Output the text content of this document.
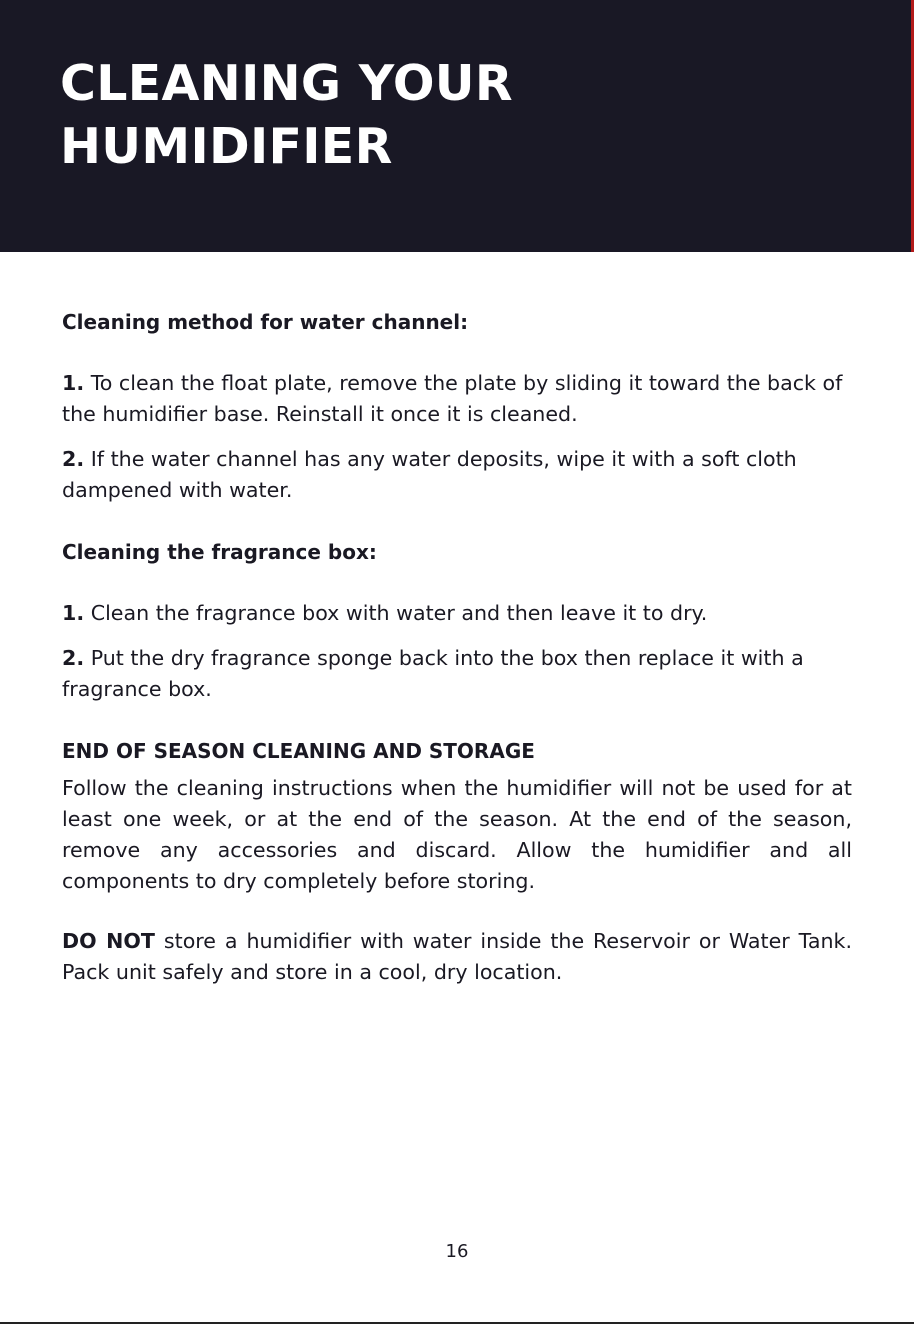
CLEANING YOUR
HUMIDIFIER
Cleaning method for water channel:

1. To clean the float plate, remove the plate by sliding it toward the back of the humidifier base. Reinstall it once it is cleaned.

2. If the water channel has any water deposits, wipe it with a soft cloth dampened with water.

Cleaning the fragrance box:

1. Clean the fragrance box with water and then leave it to dry.

2. Put the dry fragrance sponge back into the box then replace it with a fragrance box.

END OF SEASON CLEANING AND STORAGE

Follow the cleaning instructions when the humidifier will not be used for at least one week, or at the end of the season. At the end of the season, remove any accessories and discard. Allow the humidifier and all components to dry completely before storing.

DO NOT store a humidifier with water inside the Reservoir or Water Tank. Pack unit safely and store in a cool, dry location.

16
